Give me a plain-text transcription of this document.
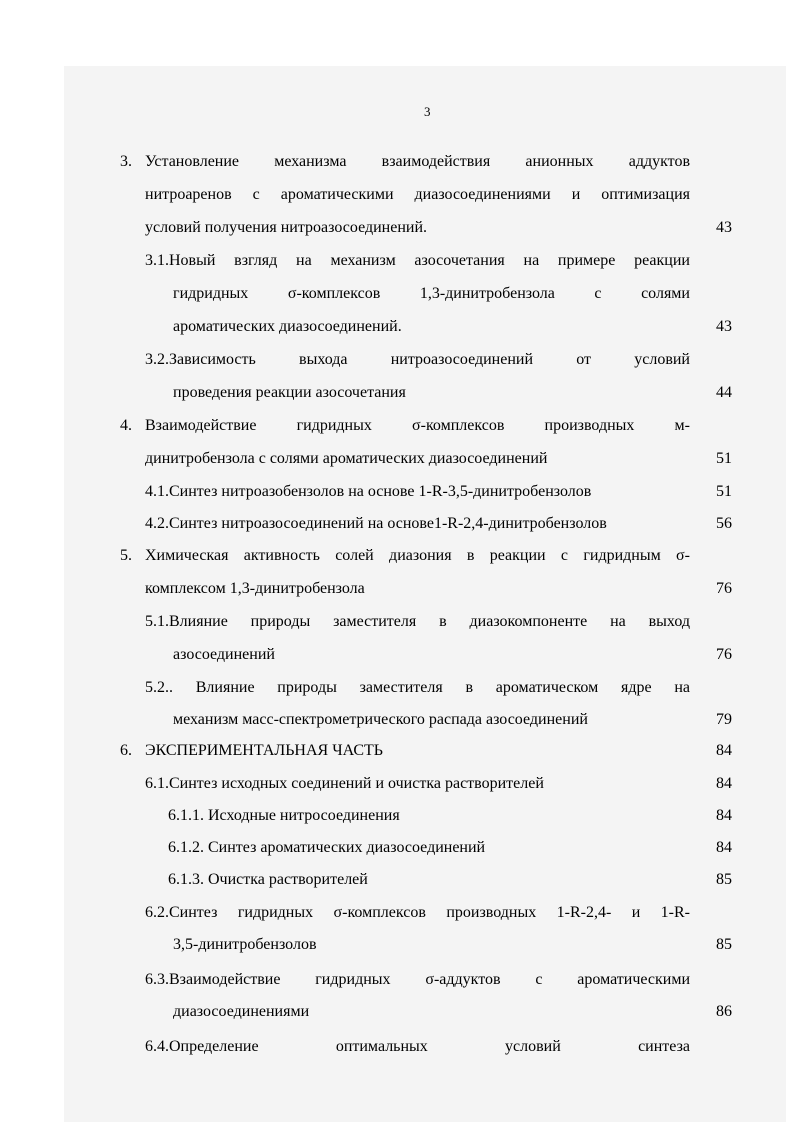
3
3. Установление механизма взаимодействия анионных аддуктов
нитроаренов с ароматическими диазосоединениями и оптимизация
условий получения нитроазосоединений.	43
3.1.Новый взгляд на механизм азосочетания на примере реакции
гидридных σ-комплексов 1,3-динитробензола с солями
ароматических диазосоединений.	43
3.2.Зависимость выхода нитроазосоединений от условий
проведения реакции азосочетания	44
4. Взаимодействие гидридных σ-комплексов производных м-
динитробензола с солями ароматических диазосоединений	51
4.1.Синтез нитроазобензолов на основе 1-R-3,5-динитробензолов	51
4.2.Синтез нитроазосоединений на основе1-R-2,4-динитробензолов	56
5. Химическая активность солей диазония в реакции с гидридным σ-
комплексом 1,3-динитробензола	76
5.1.Влияние природы заместителя в диазокомпоненте на выход
азосоединений	76
5.2.. Влияние природы заместителя в ароматическом ядре на
механизм масс-спектрометрического распада азосоединений	79
6. ЭКСПЕРИМЕНТАЛЬНАЯ ЧАСТЬ	84
6.1.Синтез исходных соединений и очистка растворителей	84
6.1.1. Исходные нитросоединения	84
6.1.2. Синтез ароматических диазосоединений	84
6.1.3. Очистка растворителей	85
6.2.Синтез гидридных σ-комплексов производных 1-R-2,4- и 1-R-
3,5-динитробензолов	85
6.3.Взаимодействие гидридных σ-аддуктов с ароматическими
диазосоединениями	86
6.4.Определение оптимальных условий синтеза
